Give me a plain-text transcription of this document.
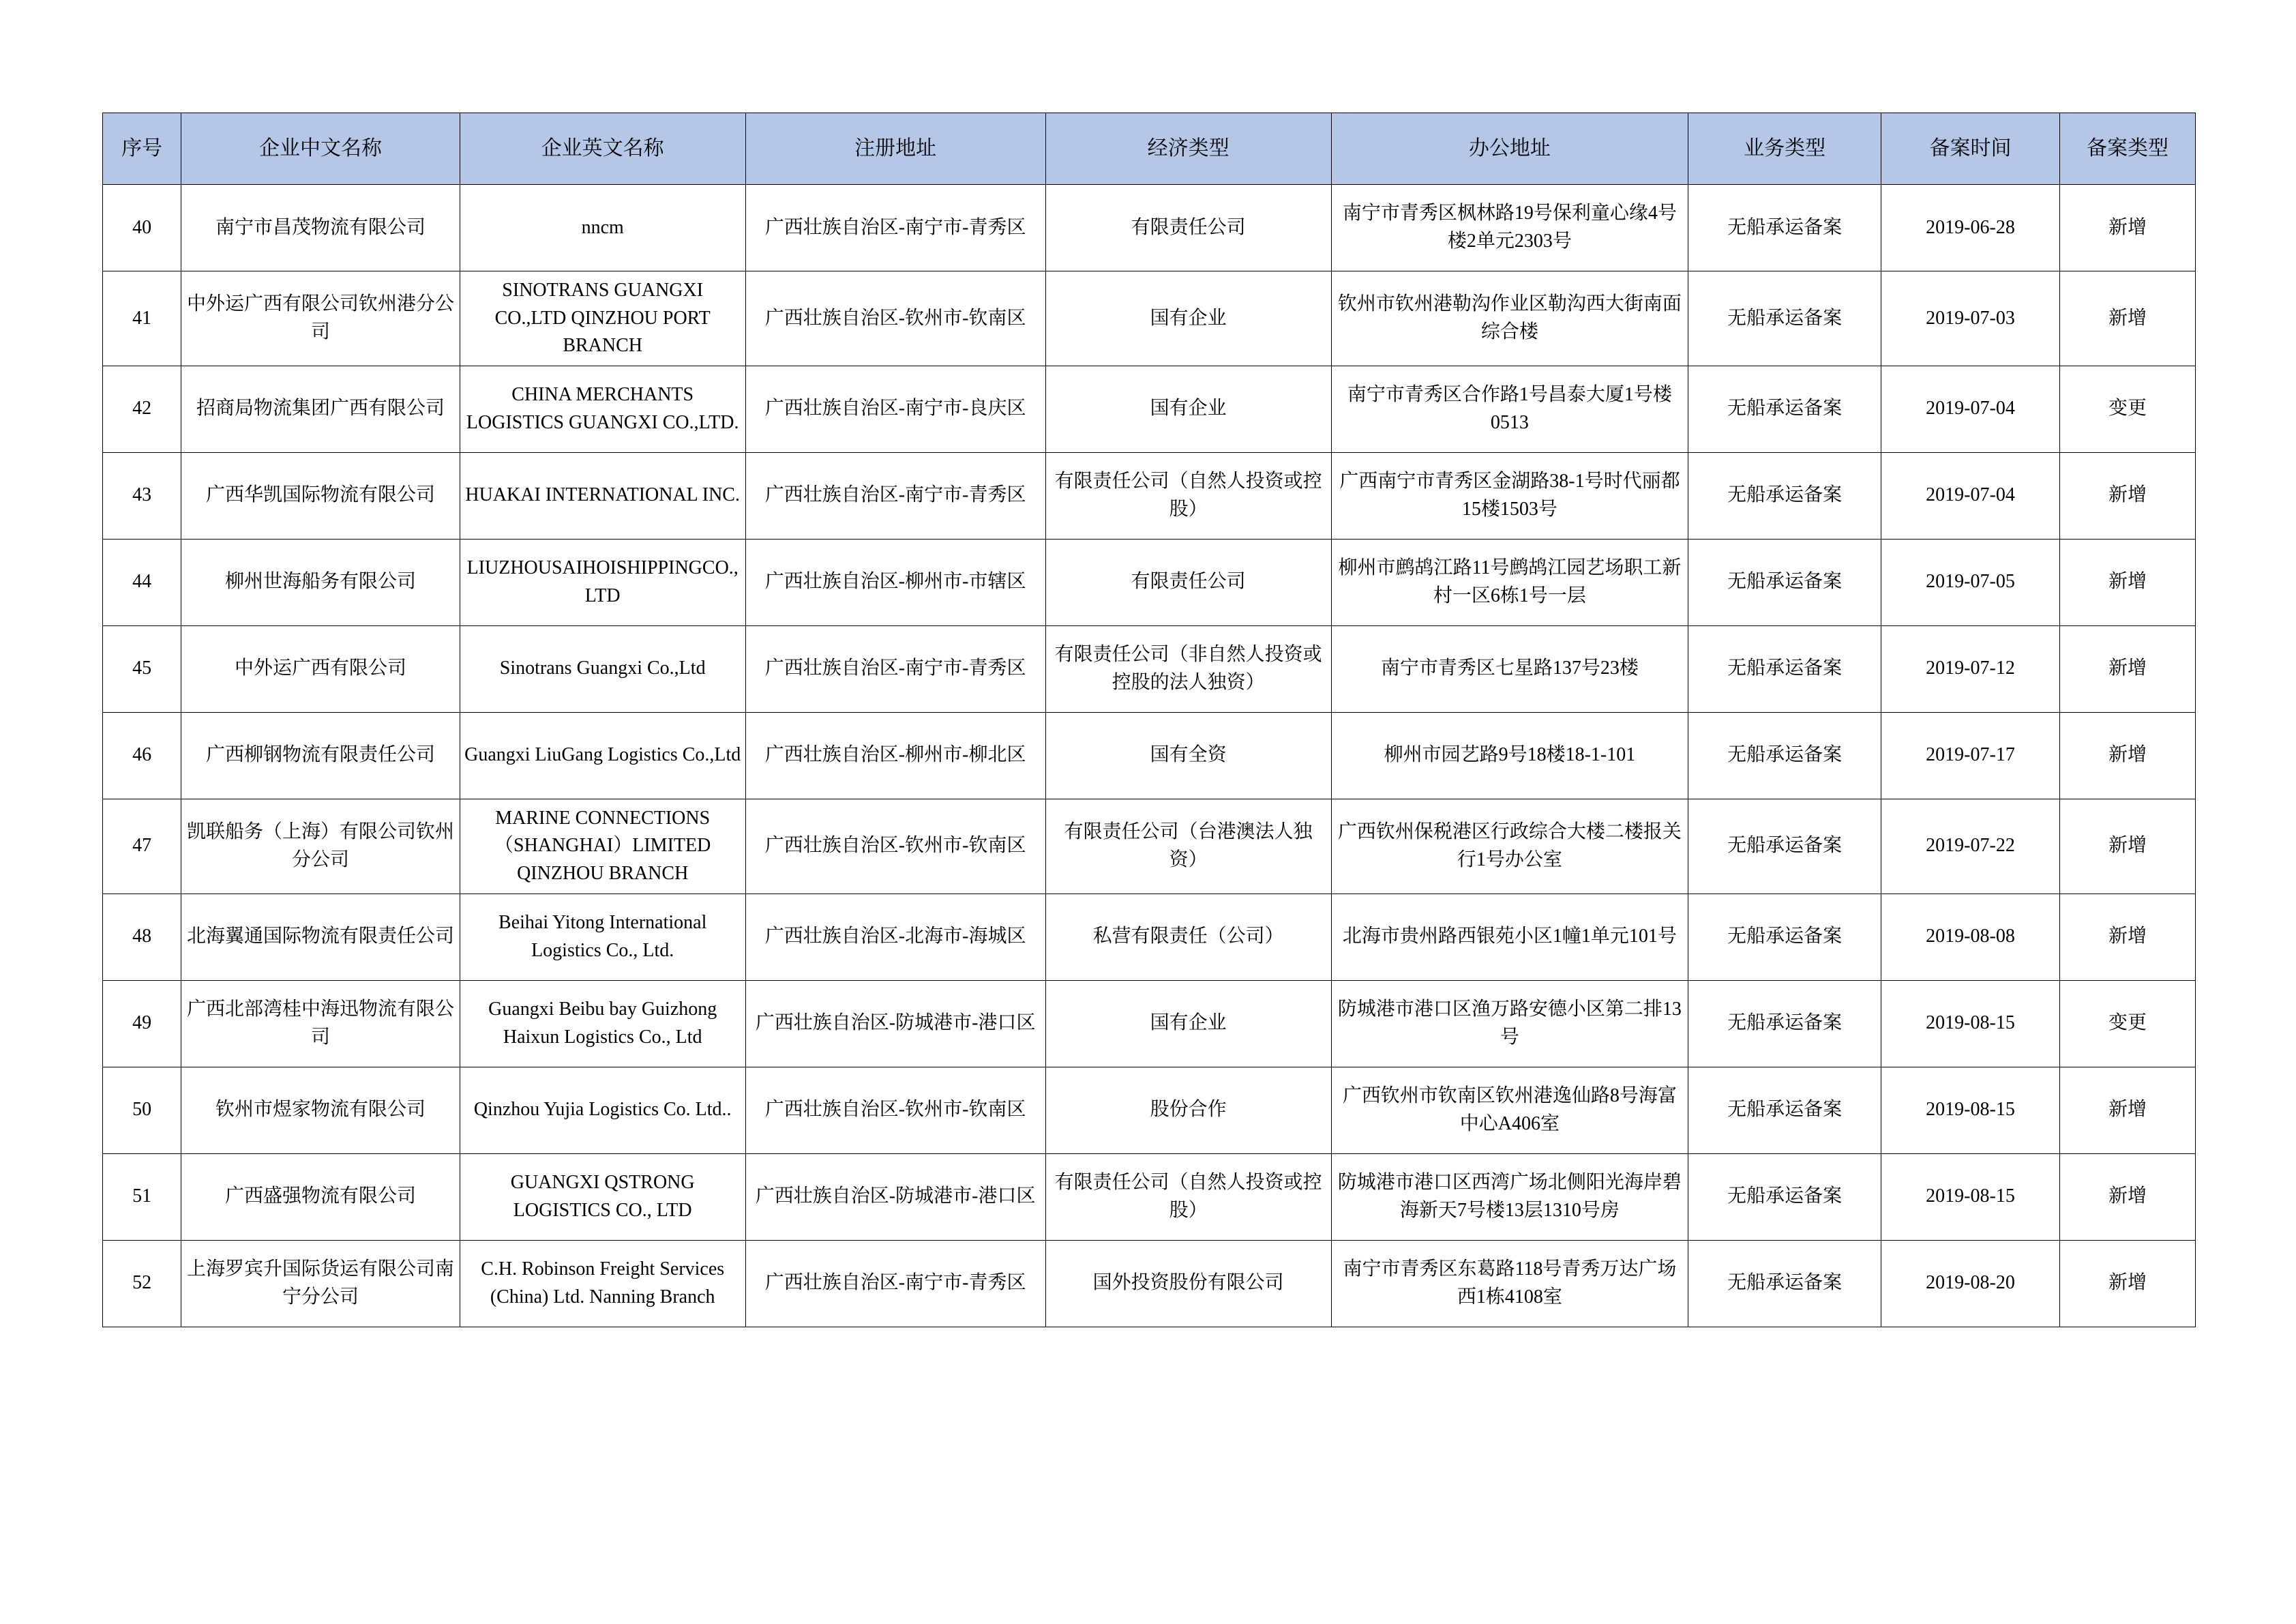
序号	企业中文名称	企业英文名称	注册地址	经济类型	办公地址	业务类型	备案时间	备案类型
40	南宁市昌茂物流有限公司	nncm	广西壮族自治区-南宁市-青秀区	有限责任公司	南宁市青秀区枫林路19号保利童心缘4号楼2单元2303号	无船承运备案	2019-06-28	新增
41	中外运广西有限公司钦州港分公司	SINOTRANS GUANGXI CO.,LTD QINZHOU PORT BRANCH	广西壮族自治区-钦州市-钦南区	国有企业	钦州市钦州港勒沟作业区勒沟西大街南面综合楼	无船承运备案	2019-07-03	新增
42	招商局物流集团广西有限公司	CHINA MERCHANTS LOGISTICS GUANGXI CO.,LTD.	广西壮族自治区-南宁市-良庆区	国有企业	南宁市青秀区合作路1号昌泰大厦1号楼0513	无船承运备案	2019-07-04	变更
43	广西华凯国际物流有限公司	HUAKAI INTERNATIONAL INC.	广西壮族自治区-南宁市-青秀区	有限责任公司（自然人投资或控股）	广西南宁市青秀区金湖路38-1号时代丽都15楼1503号	无船承运备案	2019-07-04	新增
44	柳州世海船务有限公司	LIUZHOUSAIHOISHIPPINGCO.,LTD	广西壮族自治区-柳州市-市辖区	有限责任公司	柳州市鹧鸪江路11号鹧鸪江园艺场职工新村一区6栋1号一层	无船承运备案	2019-07-05	新增
45	中外运广西有限公司	Sinotrans Guangxi Co.,Ltd	广西壮族自治区-南宁市-青秀区	有限责任公司（非自然人投资或控股的法人独资）	南宁市青秀区七星路137号23楼	无船承运备案	2019-07-12	新增
46	广西柳钢物流有限责任公司	Guangxi LiuGang Logistics Co.,Ltd	广西壮族自治区-柳州市-柳北区	国有全资	柳州市园艺路9号18楼18-1-101	无船承运备案	2019-07-17	新增
47	凯联船务（上海）有限公司钦州分公司	MARINE CONNECTIONS（SHANGHAI）LIMITED QINZHOU BRANCH	广西壮族自治区-钦州市-钦南区	有限责任公司（台港澳法人独资）	广西钦州保税港区行政综合大楼二楼报关行1号办公室	无船承运备案	2019-07-22	新增
48	北海翼通国际物流有限责任公司	Beihai Yitong International Logistics Co., Ltd.	广西壮族自治区-北海市-海城区	私营有限责任（公司）	北海市贵州路西银苑小区1幢1单元101号	无船承运备案	2019-08-08	新增
49	广西北部湾桂中海迅物流有限公司	Guangxi Beibu bay Guizhong Haixun Logistics Co., Ltd	广西壮族自治区-防城港市-港口区	国有企业	防城港市港口区渔万路安德小区第二排13号	无船承运备案	2019-08-15	变更
50	钦州市煜家物流有限公司	Qinzhou Yujia Logistics Co. Ltd..	广西壮族自治区-钦州市-钦南区	股份合作	广西钦州市钦南区钦州港逸仙路8号海富中心A406室	无船承运备案	2019-08-15	新增
51	广西盛强物流有限公司	GUANGXI QSTRONG LOGISTICS CO., LTD	广西壮族自治区-防城港市-港口区	有限责任公司（自然人投资或控股）	防城港市港口区西湾广场北侧阳光海岸碧海新天7号楼13层1310号房	无船承运备案	2019-08-15	新增
52	上海罗宾升国际货运有限公司南宁分公司	C.H. Robinson Freight Services (China) Ltd. Nanning Branch	广西壮族自治区-南宁市-青秀区	国外投资股份有限公司	南宁市青秀区东葛路118号青秀万达广场西1栋4108室	无船承运备案	2019-08-20	新增
